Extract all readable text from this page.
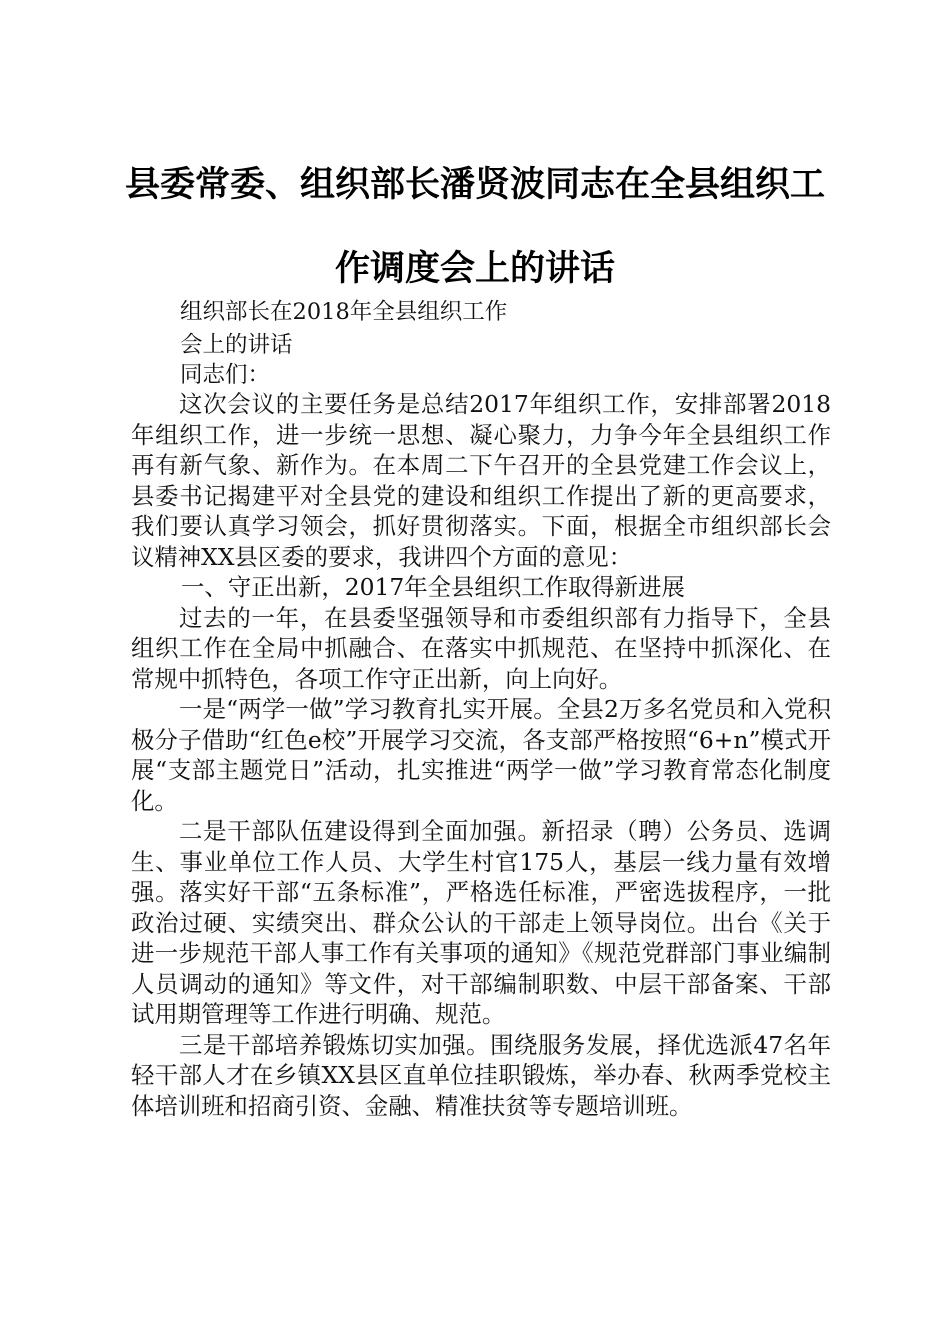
县委常委、组织部长潘贤波同志在全县组织工
作调度会上的讲话
组织部长在2018年全县组织工作
会上的讲话
同志们：

这次会议的主要任务是总结2017年组织工作，安排部署2018年组织工作，进一步统一思想、凝心聚力，力争今年全县组织工作再有新气象、新作为。在本周二下午召开的全县党建工作会议上，县委书记揭建平对全县党的建设和组织工作提出了新的更高要求，我们要认真学习领会，抓好贯彻落实。下面，根据全市组织部长会议精神XX县区委的要求，我讲四个方面的意见：

一、守正出新，2017年全县组织工作取得新进展

过去的一年，在县委坚强领导和市委组织部有力指导下，全县组织工作在全局中抓融合、在落实中抓规范、在坚持中抓深化、在常规中抓特色，各项工作守正出新，向上向好。

一是“两学一做”学习教育扎实开展。全县2万多名党员和入党积极分子借助“红色e校”开展学习交流，各支部严格按照“6+n”模式开展“支部主题党日”活动，扎实推进“两学一做”学习教育常态化制度化。

二是干部队伍建设得到全面加强。新招录（聘）公务员、选调生、事业单位工作人员、大学生村官175人，基层一线力量有效增强。落实好干部“五条标准”，严格选任标准，严密选拔程序，一批政治过硬、实绩突出、群众公认的干部走上领导岗位。出台《关于进一步规范干部人事工作有关事项的通知》《规范党群部门事业编制人员调动的通知》等文件，对干部编制职数、中层干部备案、干部试用期管理等工作进行明确、规范。

三是干部培养锻炼切实加强。围绕服务发展，择优选派47名年轻干部人才在乡镇XX县区直单位挂职锻炼，举办春、秋两季党校主体培训班和招商引资、金融、精准扶贫等专题培训班。
